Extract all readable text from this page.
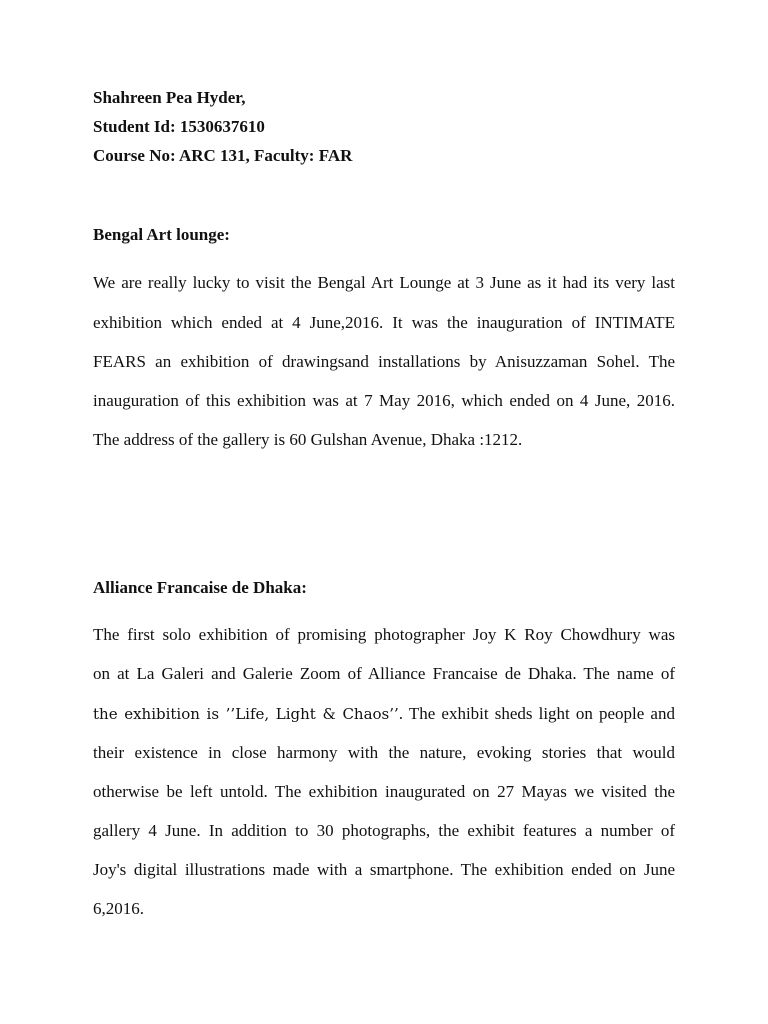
Shahreen Pea Hyder,
Student Id: 1530637610
Course No: ARC 131, Faculty: FAR
Bengal Art lounge:
We are really lucky to visit the Bengal Art Lounge at 3 June as it had its very last
exhibition which ended at 4 June,2016. It was the inauguration of INTIMATE
FEARS an exhibition of drawingsand installations by Anisuzzaman Sohel. The
inauguration of this exhibition was at 7 May 2016, which ended on 4 June, 2016.
The address of the gallery is 60 Gulshan Avenue, Dhaka :1212.
Alliance Francaise de Dhaka:
The first solo exhibition of promising photographer Joy K Roy Chowdhury was
on at La Galeri and Galerie Zoom of Alliance Francaise de Dhaka. The name of
the exhibition is ’’Life, Light & Chaos’’. The exhibit sheds light on people and
their existence in close harmony with the nature, evoking stories that would
otherwise be left untold. The exhibition inaugurated on 27 Mayas we visited the
gallery 4 June. In addition to 30 photographs, the exhibit features a number of
Joy's digital illustrations made with a smartphone. The exhibition ended on June
6,2016.
